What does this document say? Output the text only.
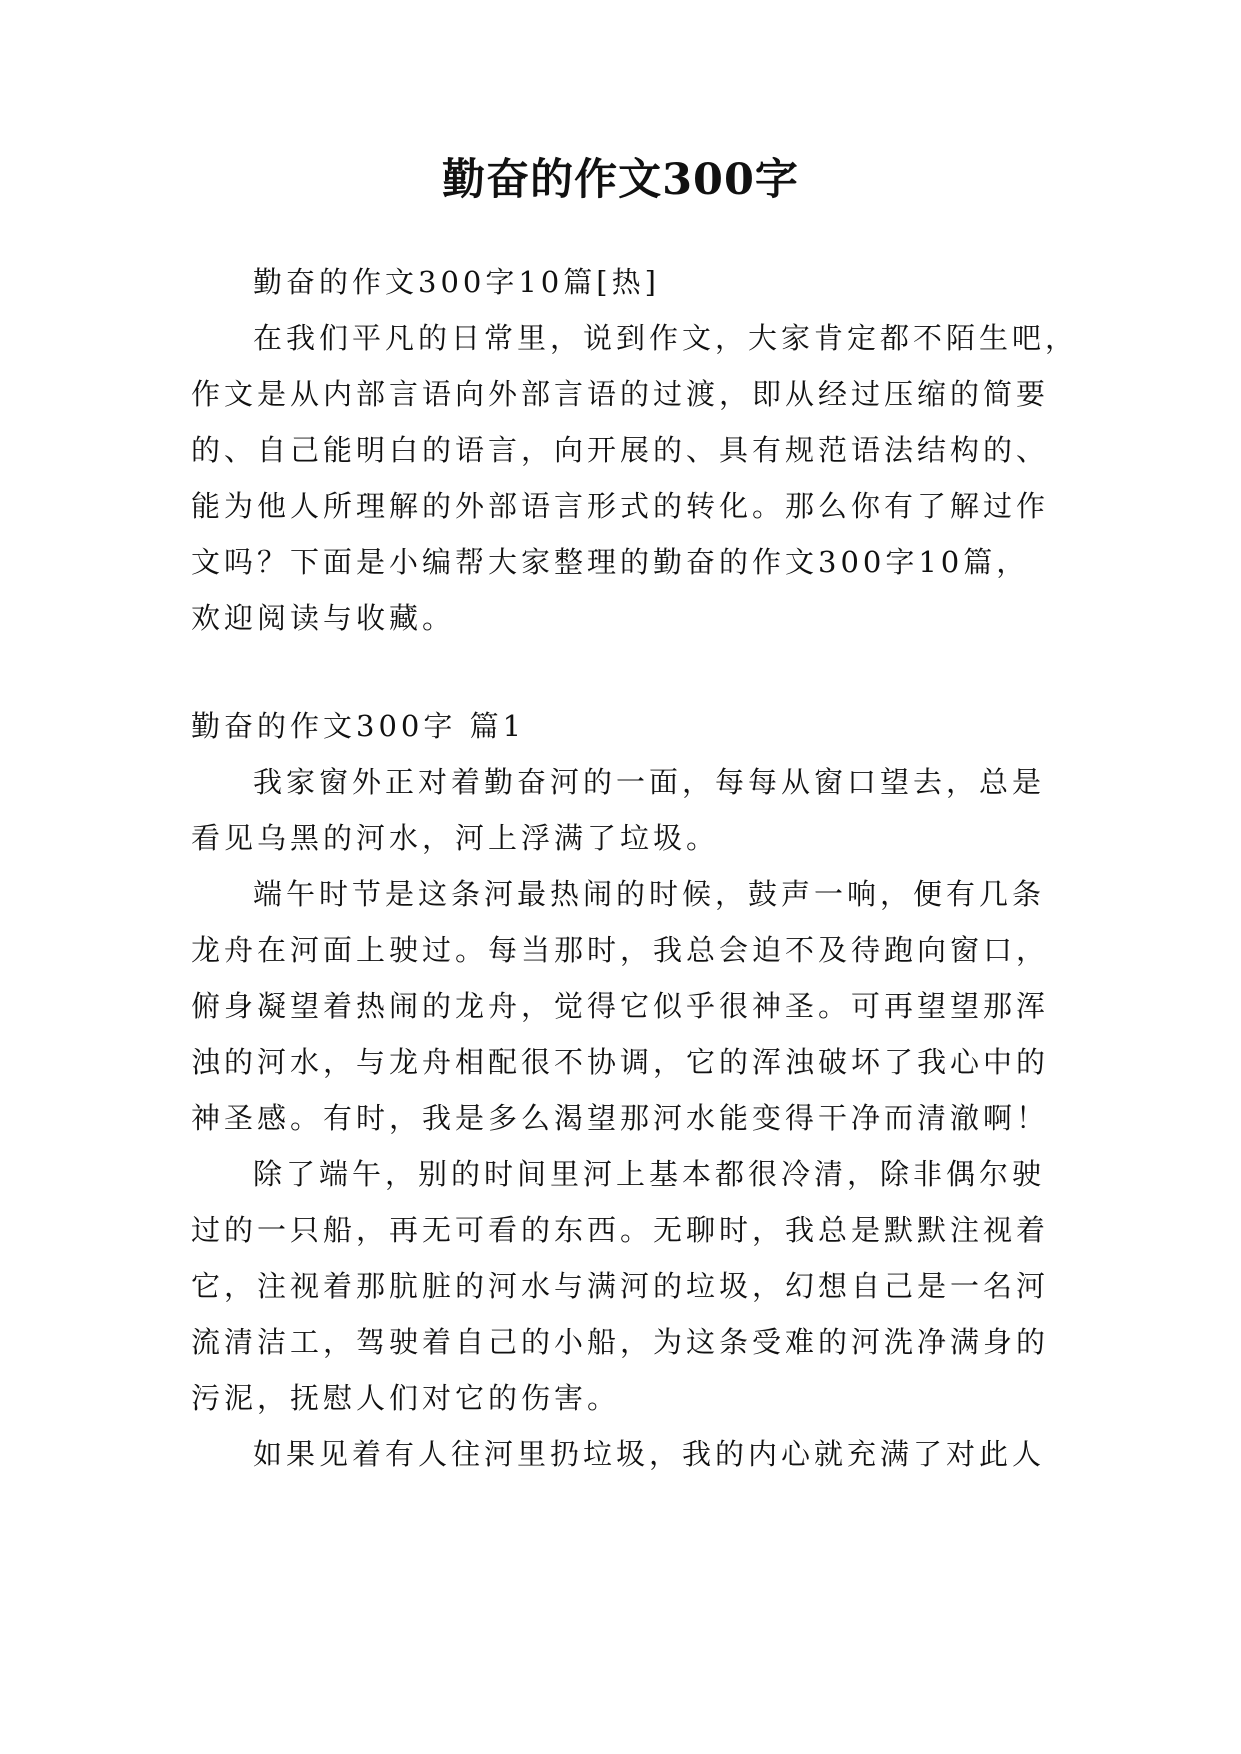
勤奋的作文300字

勤奋的作文300字10篇[热]

在我们平凡的日常里，说到作文，大家肯定都不陌生吧，

作文是从内部言语向外部言语的过渡，即从经过压缩的简要

的、自己能明白的语言，向开展的、具有规范语法结构的、

能为他人所理解的外部语言形式的转化。那么你有了解过作

文吗？下面是小编帮大家整理的勤奋的作文300字10篇，

欢迎阅读与收藏。

勤奋的作文300字 篇1

我家窗外正对着勤奋河的一面，每每从窗口望去，总是

看见乌黑的河水，河上浮满了垃圾。

端午时节是这条河最热闹的时候，鼓声一响，便有几条

龙舟在河面上驶过。每当那时，我总会迫不及待跑向窗口，

俯身凝望着热闹的龙舟，觉得它似乎很神圣。可再望望那浑

浊的河水，与龙舟相配很不协调，它的浑浊破坏了我心中的

神圣感。有时，我是多么渴望那河水能变得干净而清澈啊！

除了端午，别的时间里河上基本都很冷清，除非偶尔驶

过的一只船，再无可看的东西。无聊时，我总是默默注视着

它，注视着那肮脏的河水与满河的垃圾，幻想自己是一名河

流清洁工，驾驶着自己的小船，为这条受难的河洗净满身的

污泥，抚慰人们对它的伤害。

如果见着有人往河里扔垃圾，我的内心就充满了对此人
